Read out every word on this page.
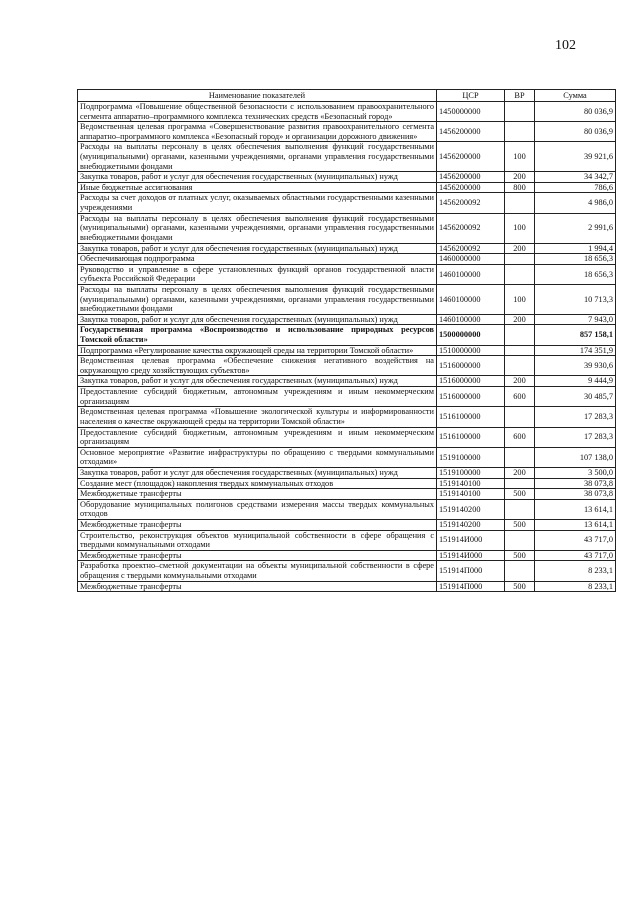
102
Наименование показателей	ЦСР	ВР	Сумма
Подпрограмма «Повышение общественной безопасности с использованием правоохранительного сегмента аппаратно–программного комплекса технических средств «Безопасный город»	1450000000		80 036,9
Ведомственная целевая программа «Совершенствование развития правоохранительного сегмента аппаратно–программного комплекса «Безопасный город» и организации дорожного движения»	1456200000		80 036,9
Расходы на выплаты персоналу в целях обеспечения выполнения функций государственными (муниципальными) органами, казенными учреждениями, органами управления государственными внебюджетными фондами	1456200000	100	39 921,6
Закупка товаров, работ и услуг для обеспечения государственных (муниципальных) нужд	1456200000	200	34 342,7
Иные бюджетные ассигнования	1456200000	800	786,6
Расходы за счет доходов от платных услуг, оказываемых областными государственными казенными учреждениями	1456200092		4 986,0
Расходы на выплаты персоналу в целях обеспечения выполнения функций государственными (муниципальными) органами, казенными учреждениями, органами управления государственными внебюджетными фондами	1456200092	100	2 991,6
Закупка товаров, работ и услуг для обеспечения государственных (муниципальных) нужд	1456200092	200	1 994,4
Обеспечивающая подпрограмма	1460000000		18 656,3
Руководство и управление в сфере установленных функций органов государственной власти субъекта Российской Федерации	1460100000		18 656,3
Расходы на выплаты персоналу в целях обеспечения выполнения функций государственными (муниципальными) органами, казенными учреждениями, органами управления государственными внебюджетными фондами	1460100000	100	10 713,3
Закупка товаров, работ и услуг для обеспечения государственных (муниципальных) нужд	1460100000	200	7 943,0
Государственная программа «Воспроизводство и использование природных ресурсов Томской области»	1500000000		857 158,1
Подпрограмма «Регулирование качества окружающей среды на территории Томской области»	1510000000		174 351,9
Ведомственная целевая программа «Обеспечение снижения негативного воздействия на окружающую среду хозяйствующих субъектов»	1516000000		39 930,6
Закупка товаров, работ и услуг для обеспечения государственных (муниципальных) нужд	1516000000	200	9 444,9
Предоставление субсидий бюджетным, автономным учреждениям и иным некоммерческим организациям	1516000000	600	30 485,7
Ведомственная целевая программа «Повышение экологической культуры и информированности населения о качестве окружающей среды на территории Томской области»	1516100000		17 283,3
Предоставление субсидий бюджетным, автономным учреждениям и иным некоммерческим организациям	1516100000	600	17 283,3
Основное мероприятие «Развитие инфраструктуры по обращению с твердыми коммунальными отходами»	1519100000		107 138,0
Закупка товаров, работ и услуг для обеспечения государственных (муниципальных) нужд	1519100000	200	3 500,0
Создание мест (площадок) накопления твердых коммунальных отходов	1519140100		38 073,8
Межбюджетные трансферты	1519140100	500	38 073,8
Оборудование муниципальных полигонов средствами измерения массы твердых коммунальных отходов	1519140200		13 614,1
Межбюджетные трансферты	1519140200	500	13 614,1
Строительство, реконструкция объектов муниципальной собственности в сфере обращения с твердыми коммунальными отходами	151914И000		43 717,0
Межбюджетные трансферты	151914И000	500	43 717,0
Разработка проектно–сметной документации на объекты муниципальной собственности в сфере обращения с твердыми коммунальными отходами	151914П000		8 233,1
Межбюджетные трансферты	151914П000	500	8 233,1
